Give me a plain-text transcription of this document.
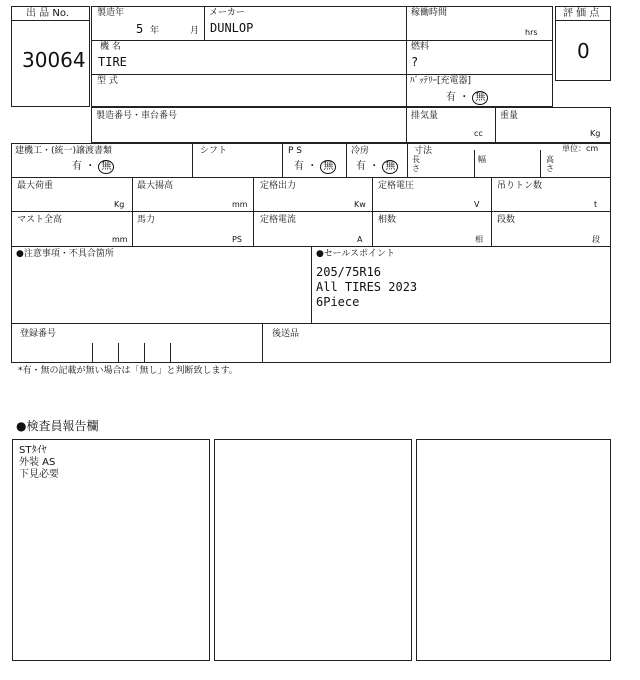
出 品 No.
30064
評 価 点
0
製造年
5 年	月
メーカー
DUNLOP
稼働時間
hrs
機 名
TIRE
燃料
?
型 式	ﾊﾞｯﾃﾘｰ[充電器]
有 ・ 無
製造番号・車台番号	排気量
cc
重量
Kg
建機工・(統一)譲渡書類
有 ・ 無
シフト	P S
有 ・ 無
冷房
有 ・ 無
寸法	単位：cm
長
さ
幅	高
さ
最大荷重
Kg
最大揚高
mm
定格出力
Kw
定格電圧
V
吊りトン数
t
マスト全高
mm
馬力
PS
定格電流
A
相数
相
段数
段
●注意事項・不具合箇所	●セールスポイント
205/75R16
All TIRES 2023
6Piece
登録番号	後送品
*有・無の記載が無い場合は「無し」と判断致します。
●検査員報告欄
STﾀｲﾔ
外装 AS
下見必要
